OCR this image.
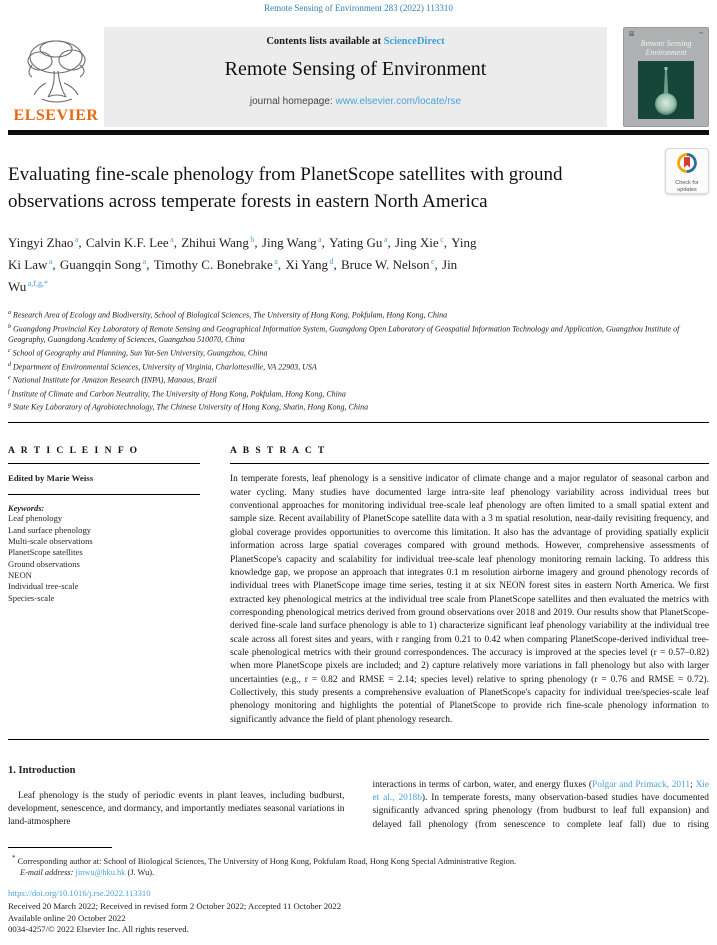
Remote Sensing of Environment 283 (2022) 113310
ELSEVIER
Contents lists available at ScienceDirect
Remote Sensing of Environment
journal homepage: www.elsevier.com/locate/rse
☒	▪▪▪
Remote Sensing
Environment
Evaluating fine-scale phenology from PlanetScope satellites with ground observations across temperate forests in eastern North America
Check for
updates

Yingyi Zhao $^a$ , Calvin K.F. Lee $^a$ , Zhihui Wang $^b$ , Jing Wang $^a$ , Yating Gu $^a$ , Jing Xie $^c$ , Ying Ki Law $^a$ , Guangqin Song $^a$ , Timothy C. Bonebrake $^a$ , Xi Yang $^d$ , Bruce W. Nelson $^e$ , Jin Wu $^{a,f,g,*}$

$^a$ Research Area of Ecology and Biodiversity, School of Biological Sciences, The University of Hong Kong, Pokfulam, Hong Kong, China
$^b$ Guangdong Provincial Key Laboratory of Remote Sensing and Geographical Information System, Guangdong Open Laboratory of Geospatial Information Technology and Application, Guangzhou Institute of Geography, Guangdong Academy of Sciences, Guangzhou 510070, China
$^c$ School of Geography and Planning, Sun Yat-Sen University, Guangzhou, China
$^d$ Department of Environmental Sciences, University of Virginia, Charlottesville, VA 22903, USA
$^e$ National Institute for Amazon Research (INPA), Manaus, Brazil
$^f$ Institute of Climate and Carbon Neutrality, The University of Hong Kong, Pokfulam, Hong Kong, China
$^g$ State Key Laboratory of Agrobiotechnology, The Chinese University of Hong Kong, Shatin, Hong Kong, China
A R T I C L E I N F O
Edited by Marie Weiss
Keywords:
Leaf phenology
Land surface phenology
Multi-scale observations
PlanetScope satellites
Ground observations
NEON
Individual tree-scale
Species-scale
A B S T R A C T

In temperate forests, leaf phenology is a sensitive indicator of climate change and a major regulator of seasonal carbon and water cycling. Many studies have documented large intra-site leaf phenology variability across individual trees but conventional approaches for monitoring individual tree-scale leaf phenology are often limited to a small spatial extent and sample size. Recent availability of PlanetScope satellite data with a 3 m spatial resolution, near-daily revisiting frequency, and global coverage provides opportunities to overcome this limitation. It also has the advantage of providing spatially explicit information across large spatial coverages compared with ground methods. However, comprehensive assessments of PlanetScope's capacity and scalability for individual tree-scale leaf phenology monitoring remain lacking. To address this knowledge gap, we propose an approach that integrates 0.1 m resolution airborne imagery and ground phenology records of individual trees with PlanetScope image time series, testing it at six NEON forest sites in eastern North America. We first extracted key phenological metrics at the individual tree scale from PlanetScope satellites and then evaluated the metrics with corresponding phenological metrics derived from ground observations over 2018 and 2019. Our results show that PlanetScope-derived fine-scale land surface phenology is able to 1) characterize significant leaf phenology variability at the individual tree scale across all forest sites and years, with r ranging from 0.21 to 0.42 when comparing PlanetScope-derived individual tree-scale phenological metrics with their ground correspondences. The accuracy is improved at the species level (r = 0.57–0.82) when more PlanetScope pixels are included; and 2) capture relatively more variations in fall phenology but also with larger uncertainties (e.g., r = 0.82 and RMSE = 2.14; species level) relative to spring phenology (r = 0.76 and RMSE = 0.72). Collectively, this study presents a comprehensive evaluation of PlanetScope's capacity for individual tree/species-scale leaf phenology monitoring and highlights the potential of PlanetScope to provide rich fine-scale phenology information to significantly advance the field of plant phenology research.

1. Introduction

Leaf phenology is the study of periodic events in plant leaves, including budburst, development, senescence, and dormancy, and importantly mediates seasonal variations in land-atmosphere

interactions in terms of carbon, water, and energy fluxes (Polgar and Primack, 2011; Xie et al., 2018b). In temperate forests, many observation-based studies have documented significantly advanced spring phenology (from budburst to leaf full expansion) and delayed fall phenology (from senescence to complete leaf fall) due to rising

* Corresponding author at: School of Biological Sciences, The University of Hong Kong, Pokfulam Road, Hong Kong Special Administrative Region.
E-mail address: jinwu@hku.hk (J. Wu).
https://doi.org/10.1016/j.rse.2022.113310
Received 20 March 2022; Received in revised form 2 October 2022; Accepted 11 October 2022
Available online 20 October 2022
0034-4257/© 2022 Elsevier Inc. All rights reserved.
